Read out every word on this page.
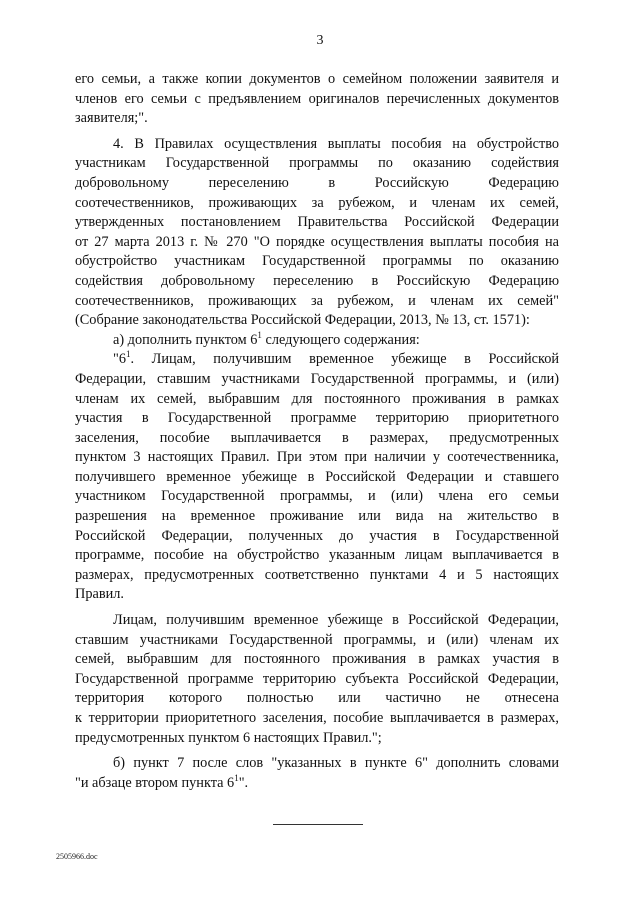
3
его семьи, а также копии документов о семейном положении заявителя и
членов его семьи с предъявлением оригиналов перечисленных документов
заявителя;".
4. В Правилах осуществления выплаты пособия на обустройство
участникам Государственной программы по оказанию содействия
добровольному переселению в Российскую Федерацию
соотечественников, проживающих за рубежом, и членам их семей,
утвержденных постановлением Правительства Российской Федерации
от 27 марта 2013 г. № 270 "О порядке осуществления выплаты пособия на
обустройство участникам Государственной программы по оказанию
содействия добровольному переселению в Российскую Федерацию
соотечественников, проживающих за рубежом, и членам их семей"
(Собрание законодательства Российской Федерации, 2013, № 13, ст. 1571):
а) дополнить пунктом $6^1$ следующего содержания:
"$6^1$. Лицам, получившим временное убежище в Российской
Федерации, ставшим участниками Государственной программы, и (или)
членам их семей, выбравшим для постоянного проживания в рамках
участия в Государственной программе территорию приоритетного
заселения, пособие выплачивается в размерах, предусмотренных
пунктом 3 настоящих Правил. При этом при наличии у соотечественника,
получившего временное убежище в Российской Федерации и ставшего
участником Государственной программы, и (или) члена его семьи
разрешения на временное проживание или вида на жительство в
Российской Федерации, полученных до участия в Государственной
программе, пособие на обустройство указанным лицам выплачивается в
размерах, предусмотренных соответственно пунктами 4 и 5 настоящих
Правил.
Лицам, получившим временное убежище в Российской Федерации,
ставшим участниками Государственной программы, и (или) членам их
семей, выбравшим для постоянного проживания в рамках участия в
Государственной программе территорию субъекта Российской Федерации,
территория которого полностью или частично не отнесена
к территории приоритетного заселения, пособие выплачивается в размерах,
предусмотренных пунктом 6 настоящих Правил.";
б) пункт 7 после слов "указанных в пункте 6" дополнить словами
"и абзаце втором пункта $6^1$".
2505966.doc
